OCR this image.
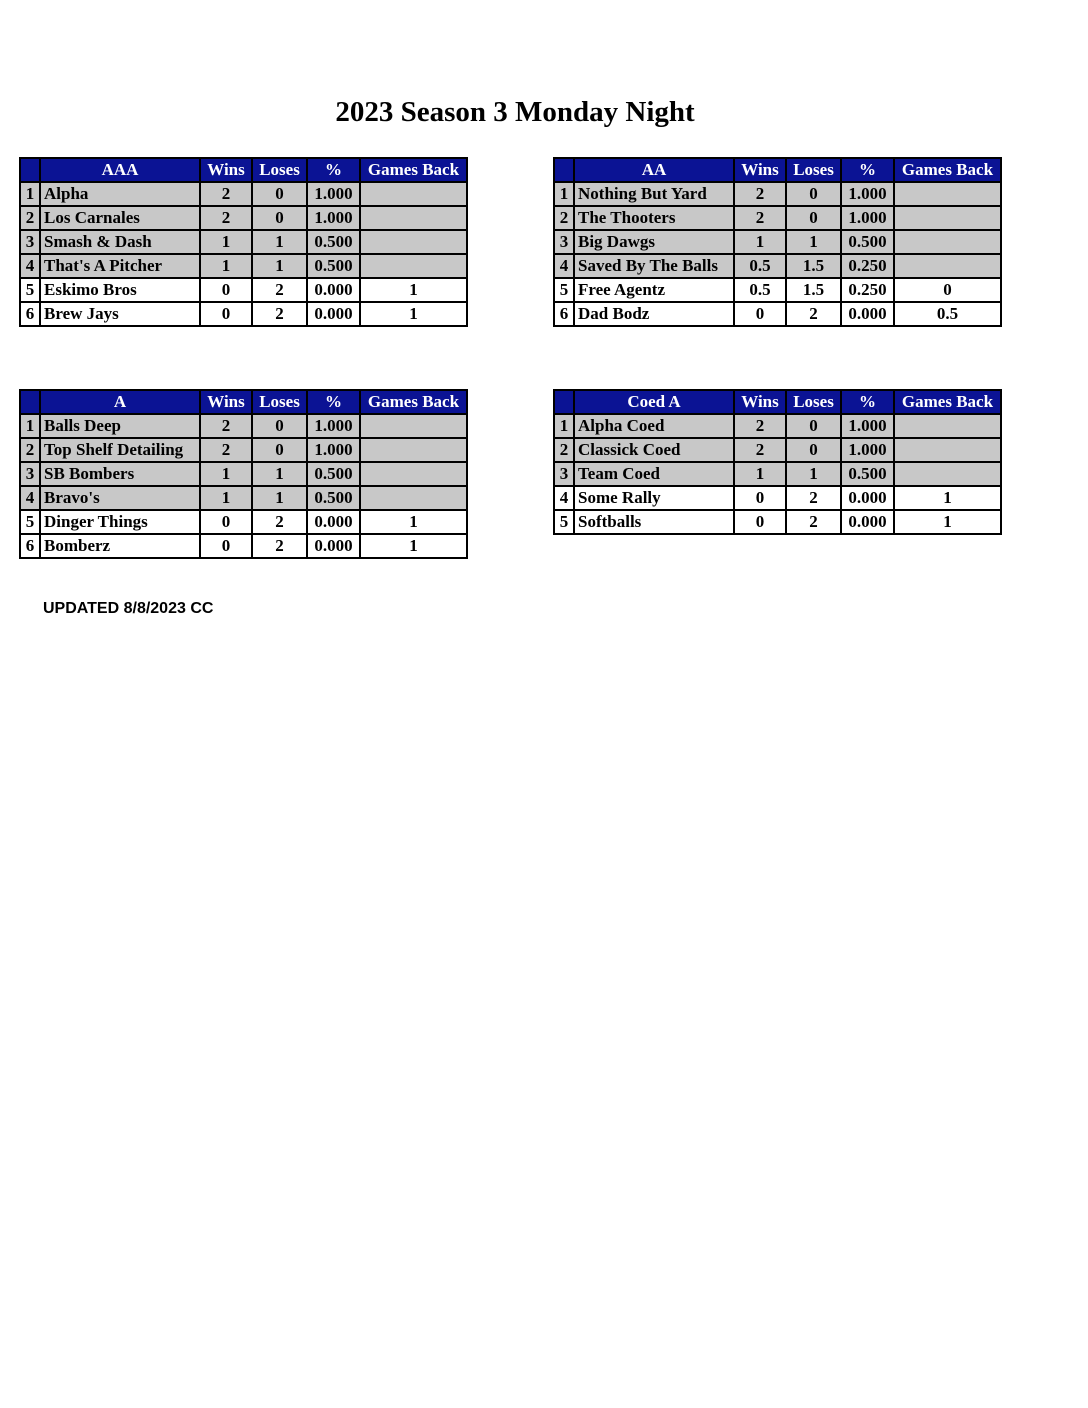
2023 Season 3 Monday Night
	AAA	Wins	Loses	%	Games Back
1	Alpha	2	0	1.000	
2	Los Carnales	2	0	1.000	
3	Smash & Dash	1	1	0.500	
4	That's A Pitcher	1	1	0.500	
5	Eskimo Bros	0	2	0.000	1
6	Brew Jays	0	2	0.000	1
	AA	Wins	Loses	%	Games Back
1	Nothing But Yard	2	0	1.000	
2	The Thooters	2	0	1.000	
3	Big Dawgs	1	1	0.500	
4	Saved By The Balls	0.5	1.5	0.250	
5	Free Agentz	0.5	1.5	0.250	0
6	Dad Bodz	0	2	0.000	0.5
	A	Wins	Loses	%	Games Back
1	Balls Deep	2	0	1.000	
2	Top Shelf Detailing	2	0	1.000	
3	SB Bombers	1	1	0.500	
4	Bravo's	1	1	0.500	
5	Dinger Things	0	2	0.000	1
6	Bomberz	0	2	0.000	1
	Coed A	Wins	Loses	%	Games Back
1	Alpha Coed	2	0	1.000	
2	Classick Coed	2	0	1.000	
3	Team Coed	1	1	0.500	
4	Some Rally	0	2	0.000	1
5	Softballs	0	2	0.000	1
UPDATED 8/8/2023 CC
